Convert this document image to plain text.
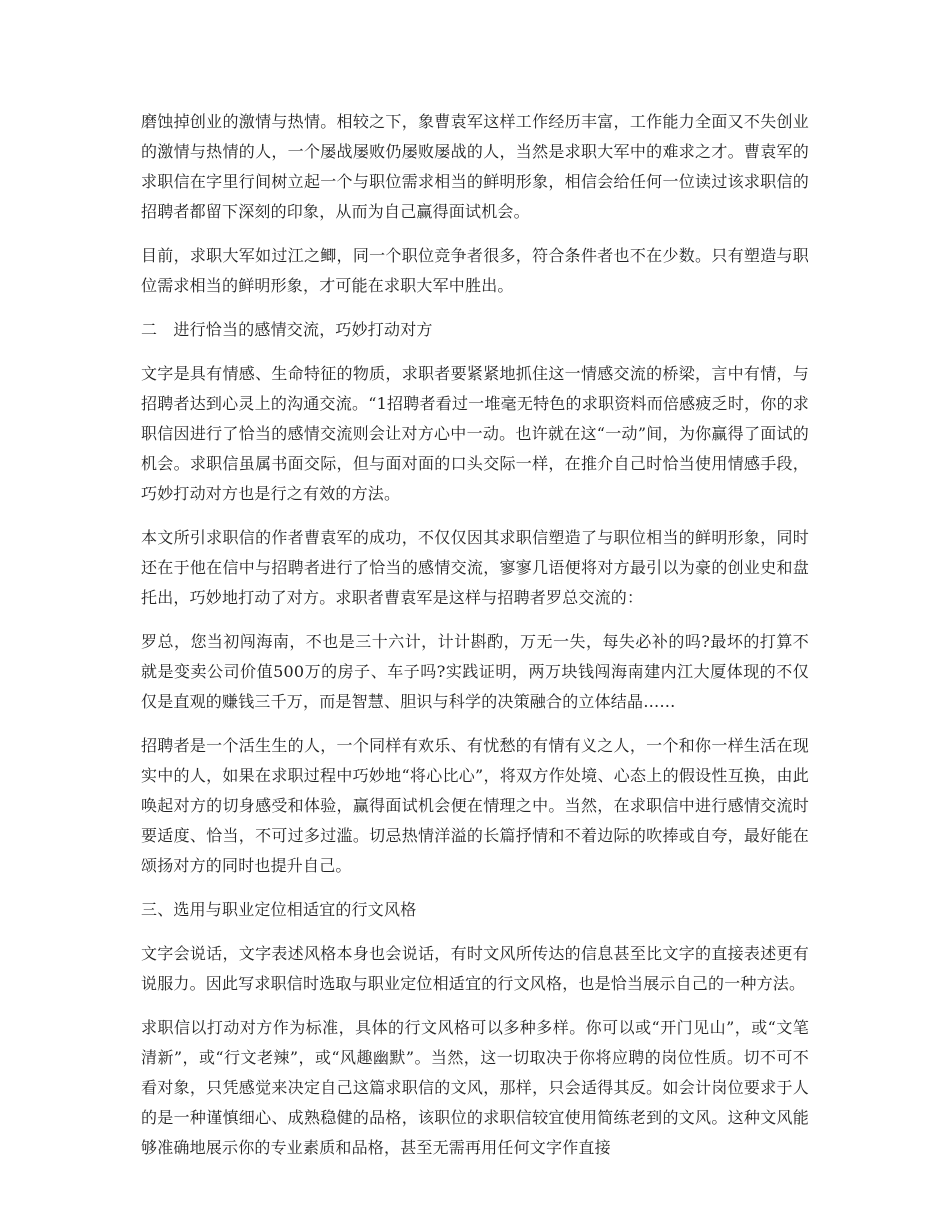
磨蚀掉创业的激情与热情。相较之下，象曹袁军这样工作经历丰富，工作能力全面又不失创业的激情与热情的人，一个屡战屡败仍屡败屡战的人，当然是求职大军中的难求之才。曹袁军的求职信在字里行间树立起一个与职位需求相当的鲜明形象，相信会给任何一位读过该求职信的招聘者都留下深刻的印象，从而为自己赢得面试机会。

目前，求职大军如过江之鲫，同一个职位竞争者很多，符合条件者也不在少数。只有塑造与职位需求相当的鲜明形象，才可能在求职大军中胜出。

二　进行恰当的感情交流，巧妙打动对方

文字是具有情感、生命特征的物质，求职者要紧紧地抓住这一情感交流的桥梁，言中有情，与招聘者达到心灵上的沟通交流。“1招聘者看过一堆毫无特色的求职资料而倍感疲乏时，你的求职信因进行了恰当的感情交流则会让对方心中一动。也许就在这“一动”间，为你赢得了面试的机会。求职信虽属书面交际，但与面对面的口头交际一样，在推介自己时恰当使用情感手段，巧妙打动对方也是行之有效的方法。

本文所引求职信的作者曹袁军的成功，不仅仅因其求职信塑造了与职位相当的鲜明形象，同时还在于他在信中与招聘者进行了恰当的感情交流，寥寥几语便将对方最引以为豪的创业史和盘托出，巧妙地打动了对方。求职者曹袁军是这样与招聘者罗总交流的：

罗总，您当初闯海南，不也是三十六计，计计斟酌，万无一失，每失必补的吗?最坏的打算不就是变卖公司价值500万的房子、车子吗?实践证明，两万块钱闯海南建内江大厦体现的不仅仅是直观的赚钱三千万，而是智慧、胆识与科学的决策融合的立体结晶……

招聘者是一个活生生的人，一个同样有欢乐、有忧愁的有情有义之人，一个和你一样生活在现实中的人，如果在求职过程中巧妙地“将心比心”，将双方作处境、心态上的假设性互换，由此唤起对方的切身感受和体验，赢得面试机会便在情理之中。当然，在求职信中进行感情交流时要适度、恰当，不可过多过滥。切忌热情洋溢的长篇抒情和不着边际的吹捧或自夸，最好能在颂扬对方的同时也提升自己。

三、选用与职业定位相适宜的行文风格

文字会说话，文字表述风格本身也会说话，有时文风所传达的信息甚至比文字的直接表述更有说服力。因此写求职信时选取与职业定位相适宜的行文风格，也是恰当展示自己的一种方法。

求职信以打动对方作为标准，具体的行文风格可以多种多样。你可以或“开门见山”，或“文笔清新”，或“行文老辣”，或“风趣幽默”。当然，这一切取决于你将应聘的岗位性质。切不可不看对象，只凭感觉来决定自己这篇求职信的文风，那样，只会适得其反。如会计岗位要求于人的是一种谨慎细心、成熟稳健的品格，该职位的求职信较宜使用简练老到的文风。这种文风能够准确地展示你的专业素质和品格，甚至无需再用任何文字作直接
